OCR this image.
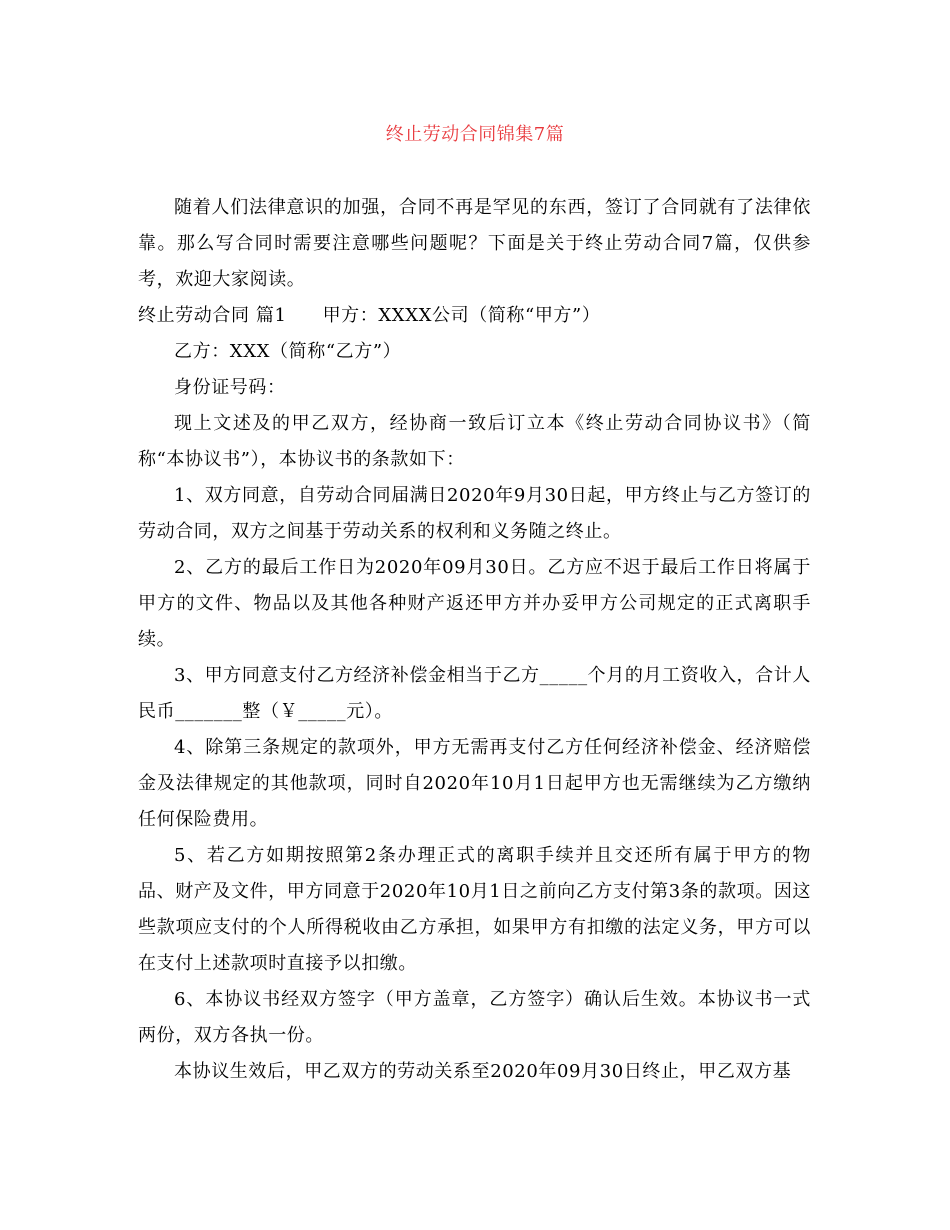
终止劳动合同锦集7篇

随着人们法律意识的加强，合同不再是罕见的东西，签订了合同就有了法律依靠。那么写合同时需要注意哪些问题呢？下面是关于终止劳动合同7篇，仅供参考，欢迎大家阅读。

终止劳动合同 篇1 甲方：XXXX公司（简称“甲方”）

乙方：XXX（简称“乙方”）

身份证号码：

现上文述及的甲乙双方，经协商一致后订立本《终止劳动合同协议书》（简称“本协议书”），本协议书的条款如下：

1、双方同意，自劳动合同届满日2020年9月30日起，甲方终止与乙方签订的劳动合同，双方之间基于劳动关系的权利和义务随之终止。

2、乙方的最后工作日为2020年09月30日。乙方应不迟于最后工作日将属于甲方的文件、物品以及其他各种财产返还甲方并办妥甲方公司规定的正式离职手续。

3、甲方同意支付乙方经济补偿金相当于乙方_____个月的月工资收入，合计人民币_______整（￥_____元）。

4、除第三条规定的款项外，甲方无需再支付乙方任何经济补偿金、经济赔偿金及法律规定的其他款项，同时自2020年10月1日起甲方也无需继续为乙方缴纳任何保险费用。

5、若乙方如期按照第2条办理正式的离职手续并且交还所有属于甲方的物品、财产及文件，甲方同意于2020年10月1日之前向乙方支付第3条的款项。因这些款项应支付的个人所得税收由乙方承担，如果甲方有扣缴的法定义务，甲方可以在支付上述款项时直接予以扣缴。

6、本协议书经双方签字（甲方盖章，乙方签字）确认后生效。本协议书一式两份，双方各执一份。

本协议生效后，甲乙双方的劳动关系至2020年09月30日终止，甲乙双方基
